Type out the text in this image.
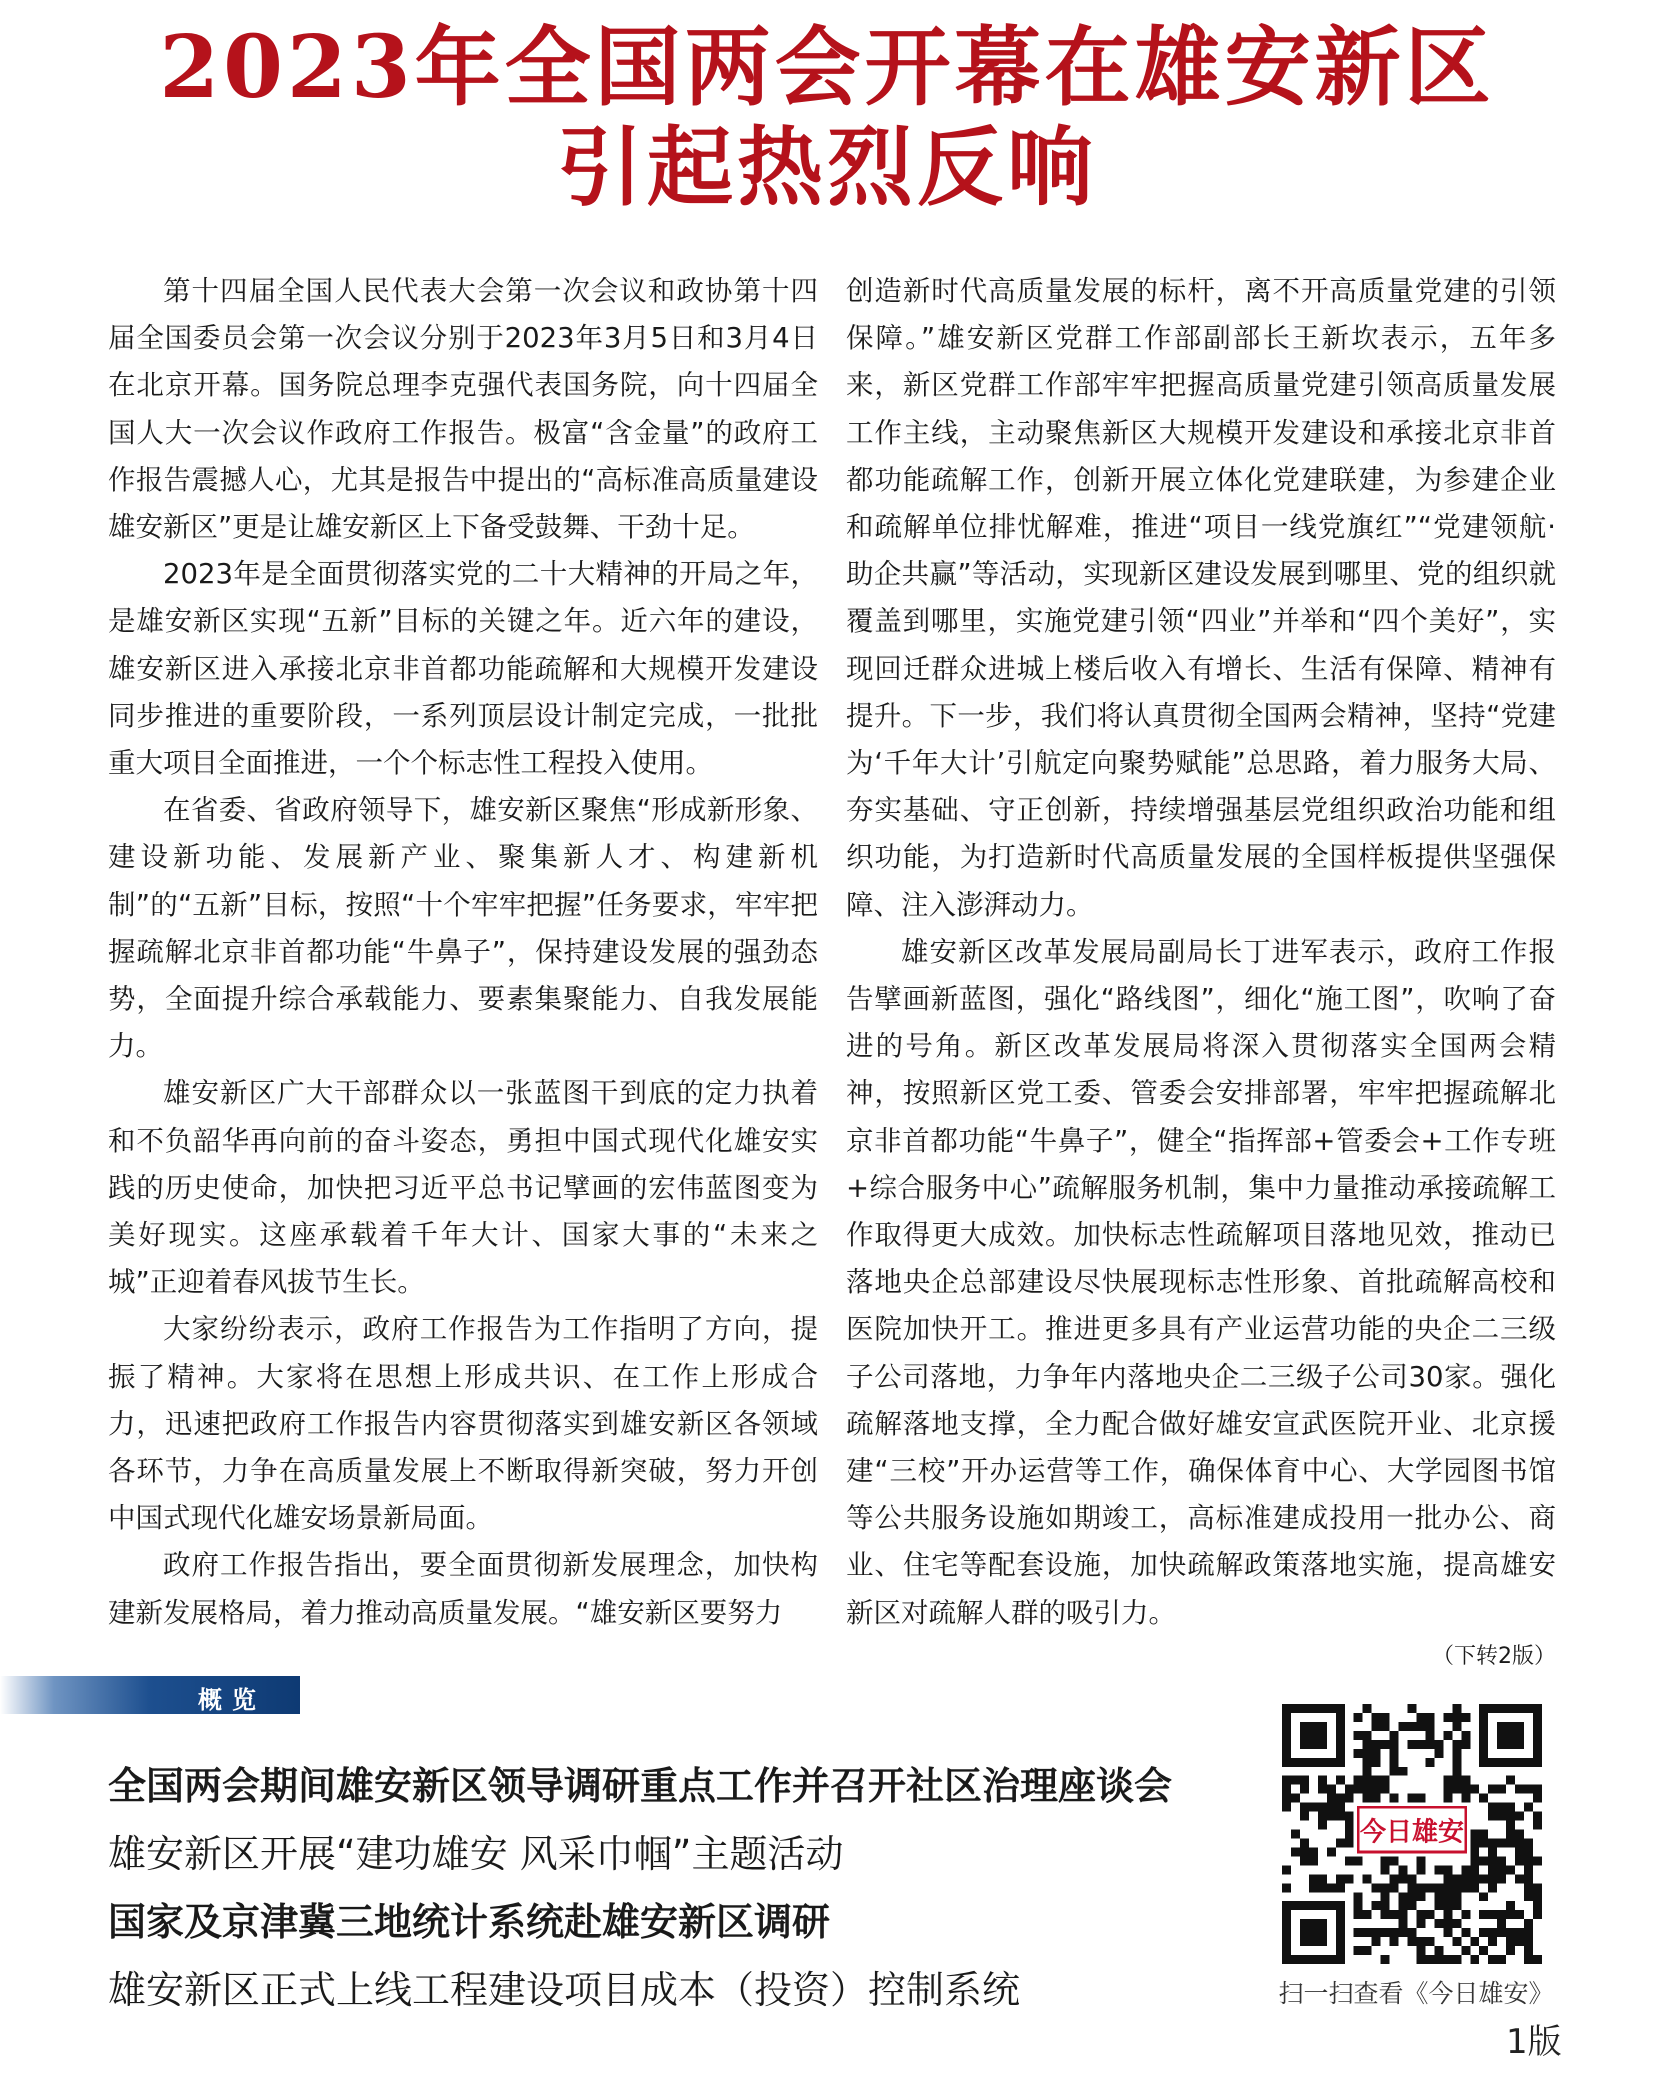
2023年全国两会开幕在雄安新区
引起热烈反响

第十四届全国人民代表大会第一次会议和政协第十四届全国委员会第一次会议分别于2023年3月5日和3月4日在北京开幕。国务院总理李克强代表国务院，向十四届全国人大一次会议作政府工作报告。极富“含金量”的政府工作报告震撼人心，尤其是报告中提出的“高标准高质量建设雄安新区”更是让雄安新区上下备受鼓舞、干劲十足。

2023年是全面贯彻落实党的二十大精神的开局之年，是雄安新区实现“五新”目标的关键之年。近六年的建设，雄安新区进入承接北京非首都功能疏解和大规模开发建设同步推进的重要阶段，一系列顶层设计制定完成，一批批重大项目全面推进，一个个标志性工程投入使用。

在省委、省政府领导下，雄安新区聚焦“形成新形象、建设新功能、发展新产业、聚集新人才、构建新机制”的“五新”目标，按照“十个牢牢把握”任务要求，牢牢把握疏解北京非首都功能“牛鼻子”，保持建设发展的强劲态势，全面提升综合承载能力、要素集聚能力、自我发展能力。

雄安新区广大干部群众以一张蓝图干到底的定力执着和不负韶华再向前的奋斗姿态，勇担中国式现代化雄安实践的历史使命，加快把习近平总书记擘画的宏伟蓝图变为美好现实。这座承载着千年大计、国家大事的“未来之城”正迎着春风拔节生长。

大家纷纷表示，政府工作报告为工作指明了方向，提振了精神。大家将在思想上形成共识、在工作上形成合力，迅速把政府工作报告内容贯彻落实到雄安新区各领域各环节，力争在高质量发展上不断取得新突破，努力开创中国式现代化雄安场景新局面。

政府工作报告指出，要全面贯彻新发展理念，加快构建新发展格局，着力推动高质量发展。“雄安新区要努力

创造新时代高质量发展的标杆，离不开高质量党建的引领保障。”雄安新区党群工作部副部长王新坎表示，五年多来，新区党群工作部牢牢把握高质量党建引领高质量发展工作主线，主动聚焦新区大规模开发建设和承接北京非首都功能疏解工作，创新开展立体化党建联建，为参建企业和疏解单位排忧解难，推进“项目一线党旗红”“党建领航·助企共赢”等活动，实现新区建设发展到哪里、党的组织就覆盖到哪里，实施党建引领“四业”并举和“四个美好”，实现回迁群众进城上楼后收入有增长、生活有保障、精神有提升。下一步，我们将认真贯彻全国两会精神，坚持“党建为‘千年大计’引航定向聚势赋能”总思路，着力服务大局、夯实基础、守正创新，持续增强基层党组织政治功能和组织功能，为打造新时代高质量发展的全国样板提供坚强保障、注入澎湃动力。

雄安新区改革发展局副局长丁进军表示，政府工作报告擘画新蓝图，强化“路线图”，细化“施工图”，吹响了奋进的号角。新区改革发展局将深入贯彻落实全国两会精神，按照新区党工委、管委会安排部署，牢牢把握疏解北京非首都功能“牛鼻子”，健全“指挥部+管委会+工作专班+综合服务中心”疏解服务机制，集中力量推动承接疏解工作取得更大成效。加快标志性疏解项目落地见效，推动已落地央企总部建设尽快展现标志性形象、首批疏解高校和医院加快开工。推进更多具有产业运营功能的央企二三级子公司落地，力争年内落地央企二三级子公司30家。强化疏解落地支撑，全力配合做好雄安宣武医院开业、北京援建“三校”开办运营等工作，确保体育中心、大学园图书馆等公共服务设施如期竣工，高标准建成投用一批办公、商业、住宅等配套设施，加快疏解政策落地实施，提高雄安新区对疏解人群的吸引力。

（下转2版）
概览
全国两会期间雄安新区领导调研重点工作并召开社区治理座谈会
雄安新区开展“建功雄安 风采巾帼”主题活动
国家及京津冀三地统计系统赴雄安新区调研
雄安新区正式上线工程建设项目成本（投资）控制系统
今日雄安
扫一扫查看《今日雄安》
1版
